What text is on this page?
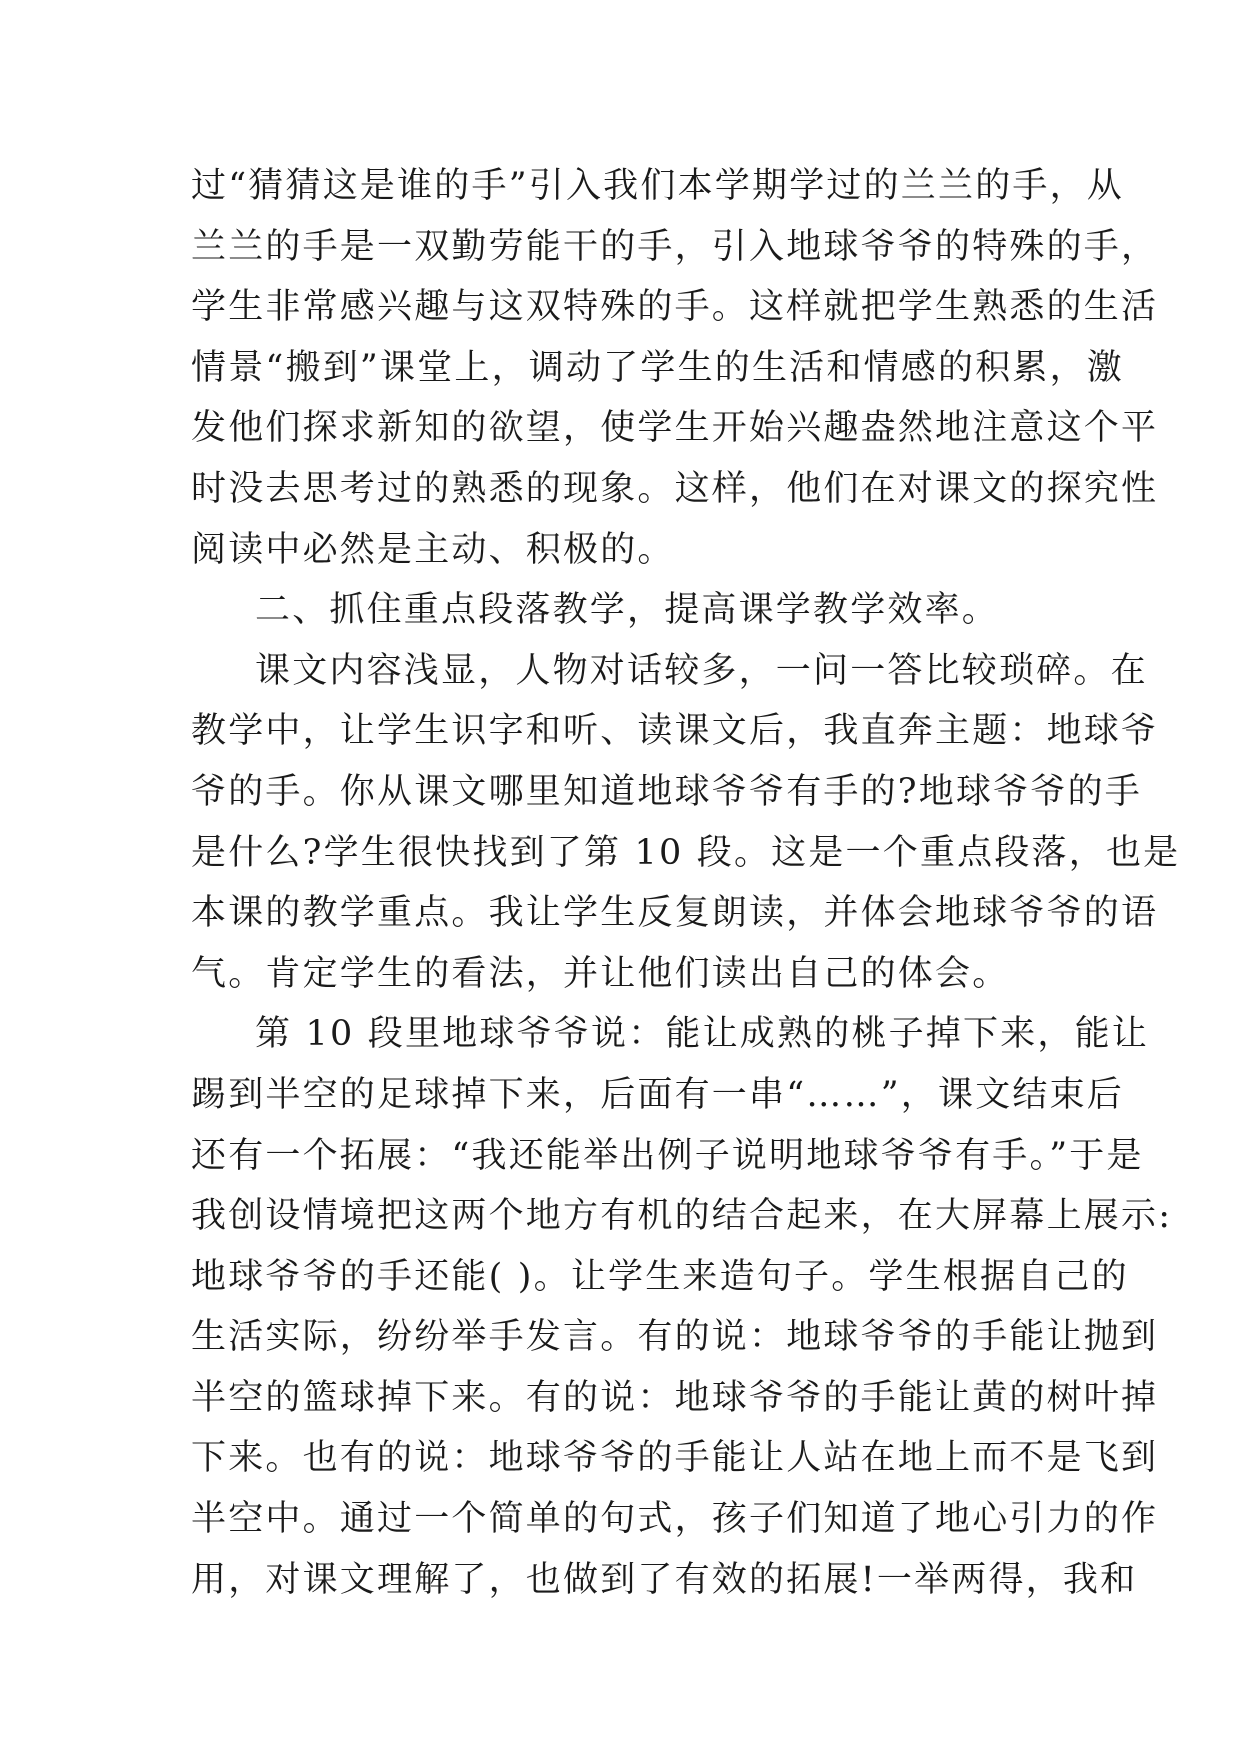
过“猜猜这是谁的手”引入我们本学期学过的兰兰的手，从
兰兰的手是一双勤劳能干的手，引入地球爷爷的特殊的手，
学生非常感兴趣与这双特殊的手。这样就把学生熟悉的生活
情景“搬到”课堂上，调动了学生的生活和情感的积累，激
发他们探求新知的欲望，使学生开始兴趣盎然地注意这个平
时没去思考过的熟悉的现象。这样，他们在对课文的探究性
阅读中必然是主动、积极的。
二、抓住重点段落教学，提高课学教学效率。
课文内容浅显，人物对话较多，一问一答比较琐碎。在
教学中，让学生识字和听、读课文后，我直奔主题：地球爷
爷的手。你从课文哪里知道地球爷爷有手的?地球爷爷的手
是什么?学生很快找到了第 10 段。这是一个重点段落，也是
本课的教学重点。我让学生反复朗读，并体会地球爷爷的语
气。肯定学生的看法，并让他们读出自己的体会。
第 10 段里地球爷爷说：能让成熟的桃子掉下来，能让
踢到半空的足球掉下来，后面有一串“……”，课文结束后
还有一个拓展：“我还能举出例子说明地球爷爷有手。”于是
我创设情境把这两个地方有机的结合起来，在大屏幕上展示:
地球爷爷的手还能( )。让学生来造句子。学生根据自己的
生活实际，纷纷举手发言。有的说：地球爷爷的手能让抛到
半空的篮球掉下来。有的说：地球爷爷的手能让黄的树叶掉
下来。也有的说：地球爷爷的手能让人站在地上而不是飞到
半空中。通过一个简单的句式，孩子们知道了地心引力的作
用，对课文理解了，也做到了有效的拓展!一举两得，我和
